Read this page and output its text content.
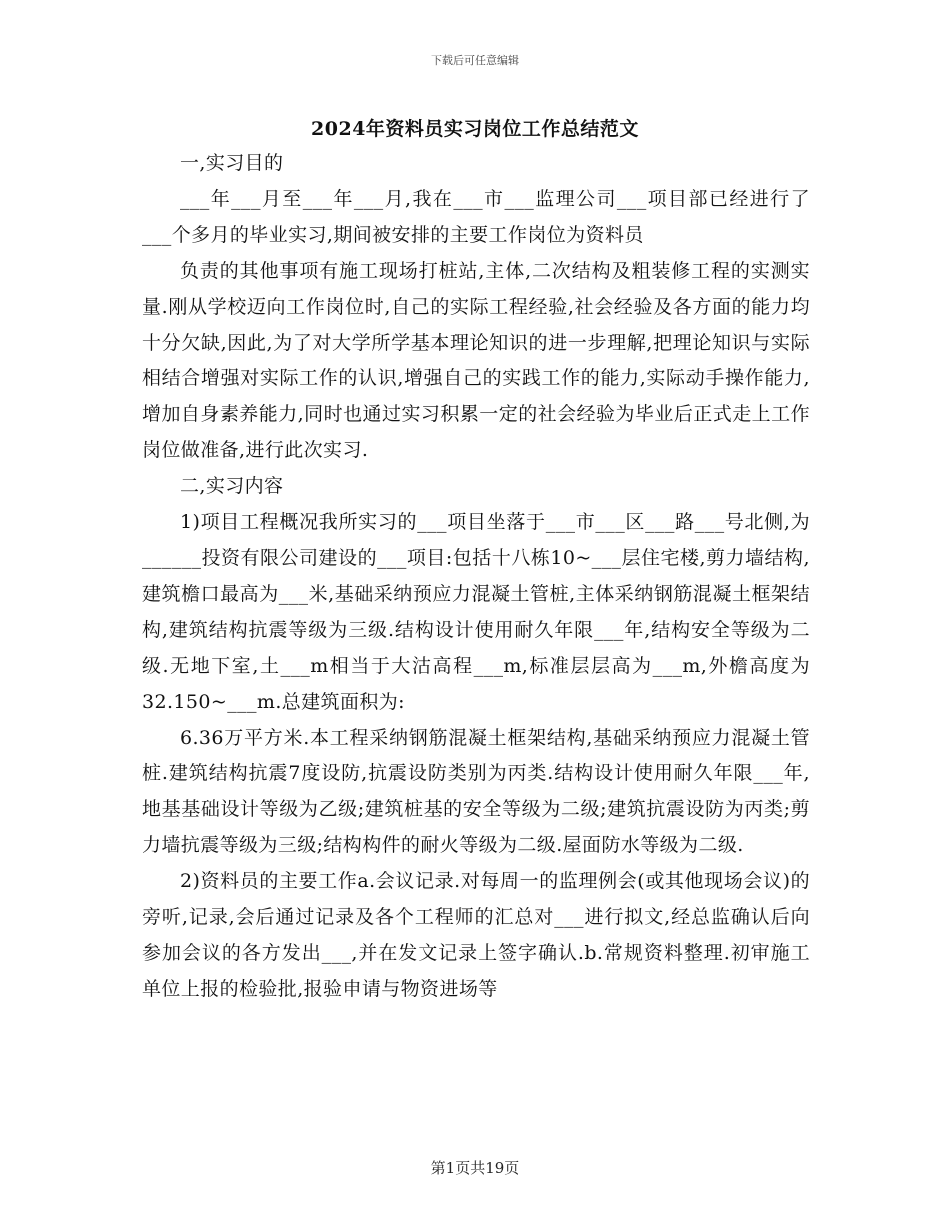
下载后可任意编辑
2024年资料员实习岗位工作总结范文

一,实习目的

___年___月至___年___月,我在___市___监理公司___项目部已经进行了___个多月的毕业实习,期间被安排的主要工作岗位为资料员

负责的其他事项有施工现场打桩站,主体,二次结构及粗装修工程的实测实量.刚从学校迈向工作岗位时,自己的实际工程经验,社会经验及各方面的能力均十分欠缺,因此,为了对大学所学基本理论知识的进一步理解,把理论知识与实际相结合增强对实际工作的认识,增强自己的实践工作的能力,实际动手操作能力,增加自身素养能力,同时也通过实习积累一定的社会经验为毕业后正式走上工作岗位做准备,进行此次实习.

二,实习内容

1)项目工程概况我所实习的___项目坐落于___市___区___路___号北侧,为______投资有限公司建设的___项目:包括十八栋10~___层住宅楼,剪力墙结构,建筑檐口最高为___米,基础采纳预应力混凝土管桩,主体采纳钢筋混凝土框架结构,建筑结构抗震等级为三级.结构设计使用耐久年限___年,结构安全等级为二级.无地下室,土___m相当于大沽高程___m,标准层层高为___m,外檐高度为32.150~___m.总建筑面积为:

6.36万平方米.本工程采纳钢筋混凝土框架结构,基础采纳预应力混凝土管桩.建筑结构抗震7度设防,抗震设防类别为丙类.结构设计使用耐久年限___年,地基基础设计等级为乙级;建筑桩基的安全等级为二级;建筑抗震设防为丙类;剪力墙抗震等级为三级;结构构件的耐火等级为二级.屋面防水等级为二级.

2)资料员的主要工作a.会议记录.对每周一的监理例会(或其他现场会议)的旁听,记录,会后通过记录及各个工程师的汇总对___进行拟文,经总监确认后向参加会议的各方发出___,并在发文记录上签字确认.b.常规资料整理.初审施工单位上报的检验批,报验申请与物资进场等

第1页共19页
